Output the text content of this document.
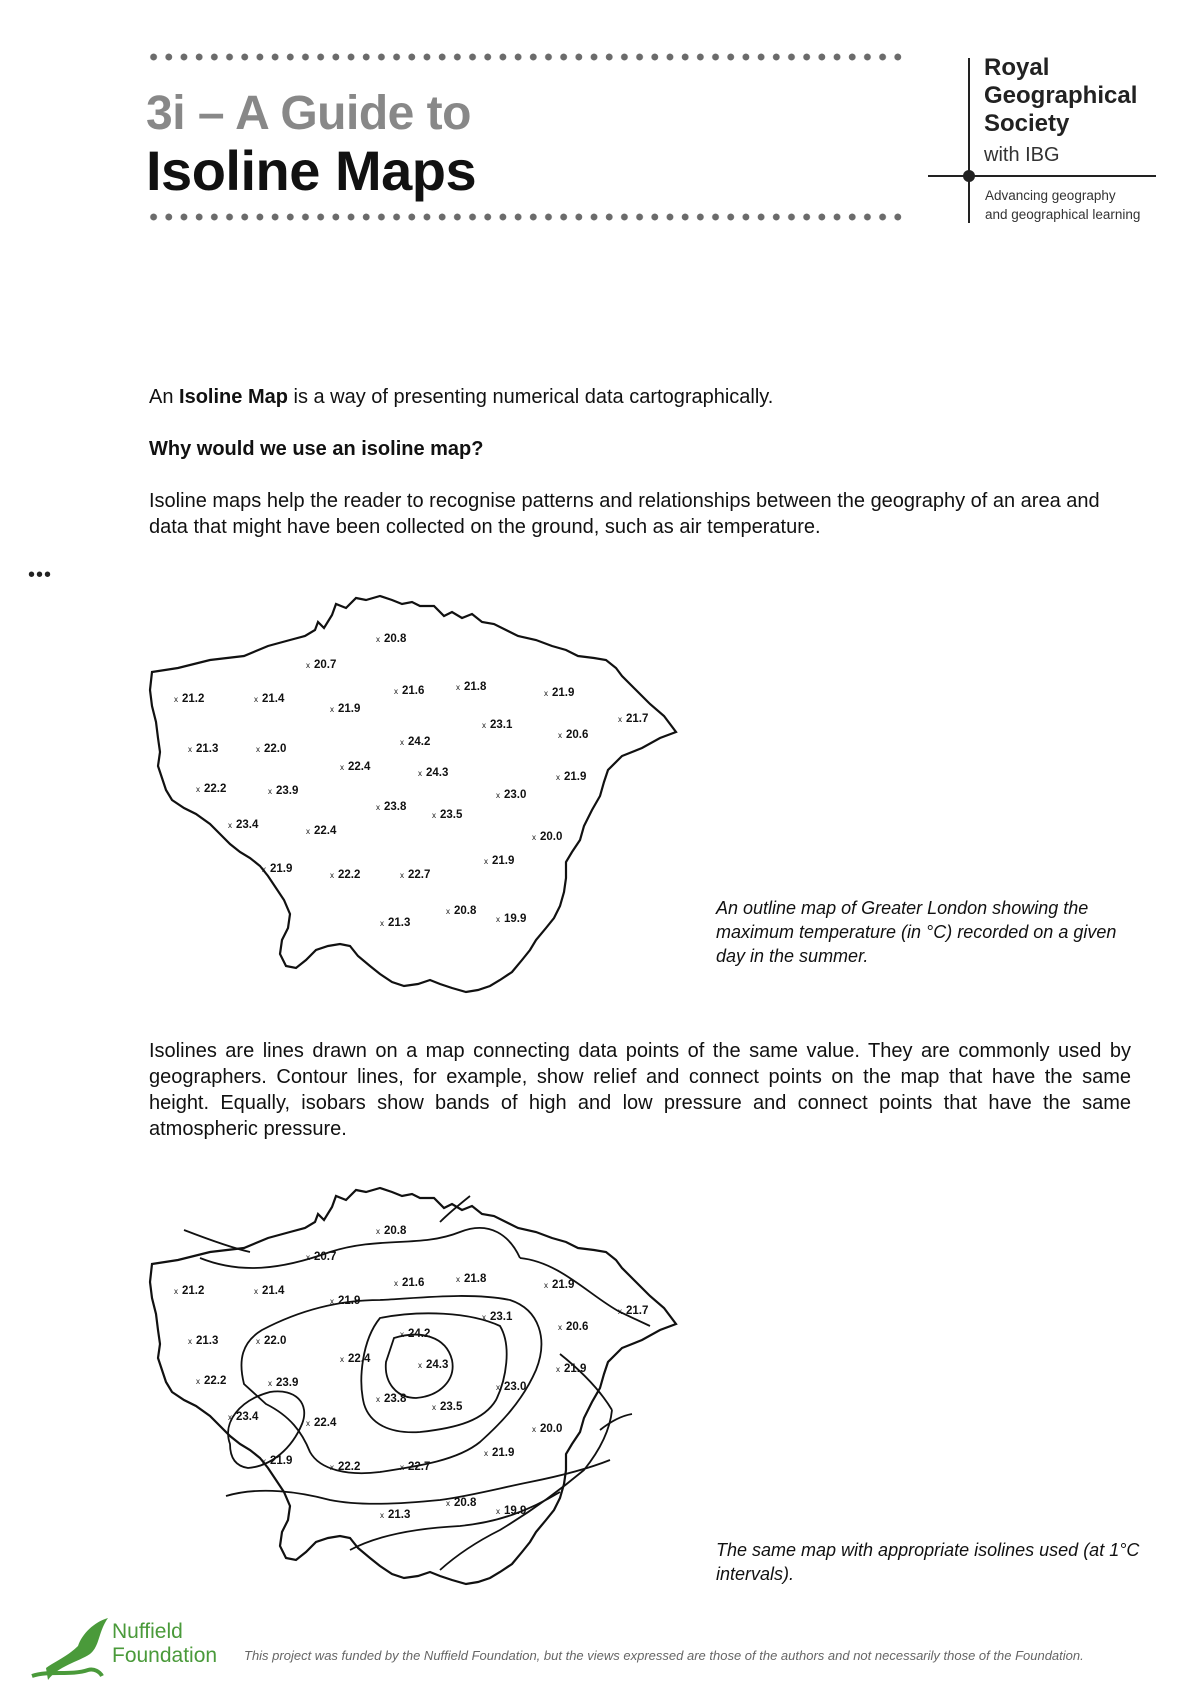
3i – A Guide to
Isoline Maps
Royal
Geographical
Society
with IBG
Advancing geography
and geographical learning
An Isoline Map is a way of presenting numerical data cartographically.
Why would we use an isoline map?
Isoline maps help the reader to recognise patterns and relationships between the geography of an area and data that might have been collected on the ground, such as air temperature.
•••
x 20.8
x 20.7
x 21.2	x 21.4
x 21.9
x 21.6	x 21.8
x 21.9
x 21.7
x 23.1
x 21.3	x 22.0
x 24.2
x 20.6
x 22.4
x 24.3
x 22.2	x 23.9
x 21.9
x 23.0
x 23.8
x 23.5
x 23.4
x 22.4
x 20.0
x 21.9
x 21.9
x 22.2	x 22.7
x 20.8
x 21.3	x 19.9
x 20.8
x 20.7
x 21.2	x 21.4
x 21.9
x 21.6	x 21.8
x 21.9
x 21.7
x 23.1
x 21.3	x 22.0
x 24.2
x 20.6
x 22.4
x 24.3
x 22.2	x 23.9
x 21.9
x 23.0
x 23.8
x 23.5
x 23.4
x 22.4
x 20.0
x 21.9
x 21.9
x 22.2	x 22.7
x 20.8
x 21.3	x 19.9
An outline map of Greater London showing the maximum temperature (in °C) recorded on a given day in the summer.
Isolines are lines drawn on a map connecting data points of the same value. They are commonly used by geographers. Contour lines, for example, show relief and connect points on the map that have the same height. Equally, isobars show bands of high and low pressure and connect points that have the same atmospheric pressure.
The same map with appropriate isolines used (at 1°C intervals).
Nuffield
Foundation This project was funded by the Nuffield Foundation, but the views expressed are those of the authors and not necessarily those of the Foundation.
